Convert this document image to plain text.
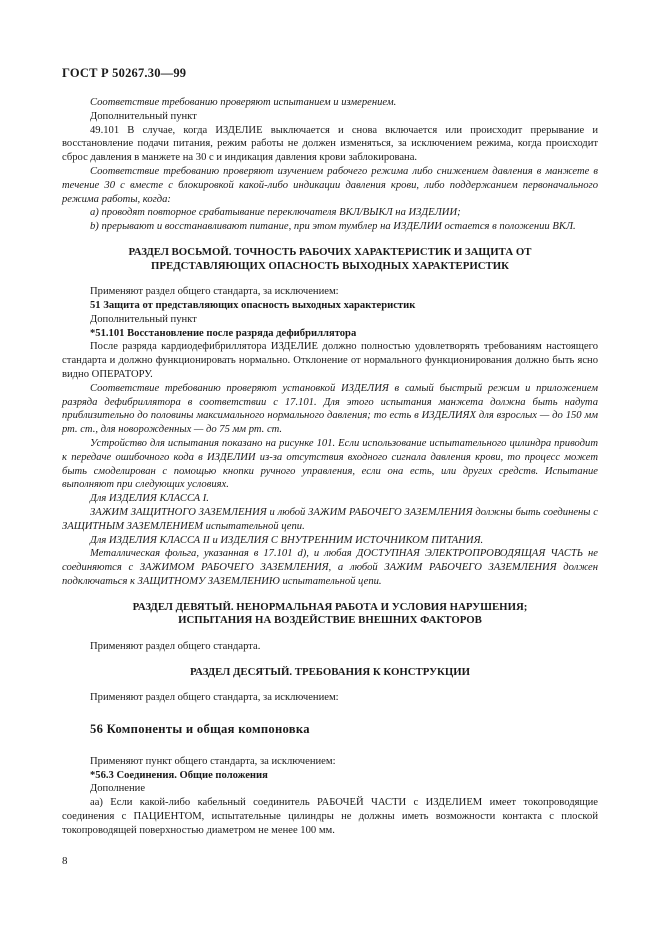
ГОСТ Р 50267.30—99

Соответствие требованию проверяют испытанием и измерением.

Дополнительный пункт

49.101 В случае, когда ИЗДЕЛИЕ выключается и снова включается или происходит прерывание и восстановление подачи питания, режим работы не должен изменяться, за исключением режима, когда происходит сброс давления в манжете на 30 с и индикация давления крови заблокирована.

Соответствие требованию проверяют изучением рабочего режима либо снижением давления в манжете в течение 30 с вместе с блокировкой какой-либо индикации давления крови, либо поддержанием первоначального режима работы, когда:

а) проводят повторное срабатывание переключателя ВКЛ/ВЫКЛ на ИЗДЕЛИИ;

b) прерывают и восстанавливают питание, при этом тумблер на ИЗДЕЛИИ остается в положении ВКЛ.

РАЗДЕЛ ВОСЬМОЙ. ТОЧНОСТЬ РАБОЧИХ ХАРАКТЕРИСТИК И ЗАЩИТА ОТ

ПРЕДСТАВЛЯЮЩИХ ОПАСНОСТЬ ВЫХОДНЫХ ХАРАКТЕРИСТИК

Применяют раздел общего стандарта, за исключением:

51 Защита от представляющих опасность выходных характеристик

Дополнительный пункт

*51.101 Восстановление после разряда дефибриллятора

После разряда кардиодефибриллятора ИЗДЕЛИЕ должно полностью удовлетворять требованиям настоящего стандарта и должно функционировать нормально. Отклонение от нормального функционирования должно быть ясно видно ОПЕРАТОРУ.

Соответствие требованию проверяют установкой ИЗДЕЛИЯ в самый быстрый режим и приложением разряда дефибриллятора в соответствии с 17.101. Для этого испытания манжета должна быть надута приблизительно до половины максимального нормального давления; то есть в ИЗДЕЛИЯХ для взрослых — до 150 мм рт. ст., для новорожденных — до 75 мм рт. ст.

Устройство для испытания показано на рисунке 101. Если использование испытательного цилиндра приводит к передаче ошибочного кода в ИЗДЕЛИИ из-за отсутствия входного сигнала давления крови, то процесс может быть смоделирован с помощью кнопки ручного управления, если она есть, или других средств. Испытание выполняют при следующих условиях.

Для ИЗДЕЛИЯ КЛАССА I.

ЗАЖИМ ЗАЩИТНОГО ЗАЗЕМЛЕНИЯ и любой ЗАЖИМ РАБОЧЕГО ЗАЗЕМЛЕНИЯ должны быть соединены с ЗАЩИТНЫМ ЗАЗЕМЛЕНИЕМ испытательной цепи.

Для ИЗДЕЛИЯ КЛАССА II и ИЗДЕЛИЯ С ВНУТРЕННИМ ИСТОЧНИКОМ ПИТАНИЯ.

Металлическая фольга, указанная в 17.101 d), и любая ДОСТУПНАЯ ЭЛЕКТРОПРОВОДЯЩАЯ ЧАСТЬ не соединяются с ЗАЖИМОМ РАБОЧЕГО ЗАЗЕМЛЕНИЯ, а любой ЗАЖИМ РАБОЧЕГО ЗАЗЕМЛЕНИЯ должен подключаться к ЗАЩИТНОМУ ЗАЗЕМЛЕНИЮ испытательной цепи.

РАЗДЕЛ ДЕВЯТЫЙ. НЕНОРМАЛЬНАЯ РАБОТА И УСЛОВИЯ НАРУШЕНИЯ;

ИСПЫТАНИЯ НА ВОЗДЕЙСТВИЕ ВНЕШНИХ ФАКТОРОВ

Применяют раздел общего стандарта.

РАЗДЕЛ ДЕСЯТЫЙ. ТРЕБОВАНИЯ К КОНСТРУКЦИИ

Применяют раздел общего стандарта, за исключением:

56 Компоненты и общая компоновка

Применяют пункт общего стандарта, за исключением:

*56.3 Соединения. Общие положения

Дополнение

аа) Если какой-либо кабельный соединитель РАБОЧЕЙ ЧАСТИ с ИЗДЕЛИЕМ имеет токопроводящие соединения с ПАЦИЕНТОМ, испытательные цилиндры не должны иметь возможности контакта с плоской токопроводящей поверхностью диаметром не менее 100 мм.

8
